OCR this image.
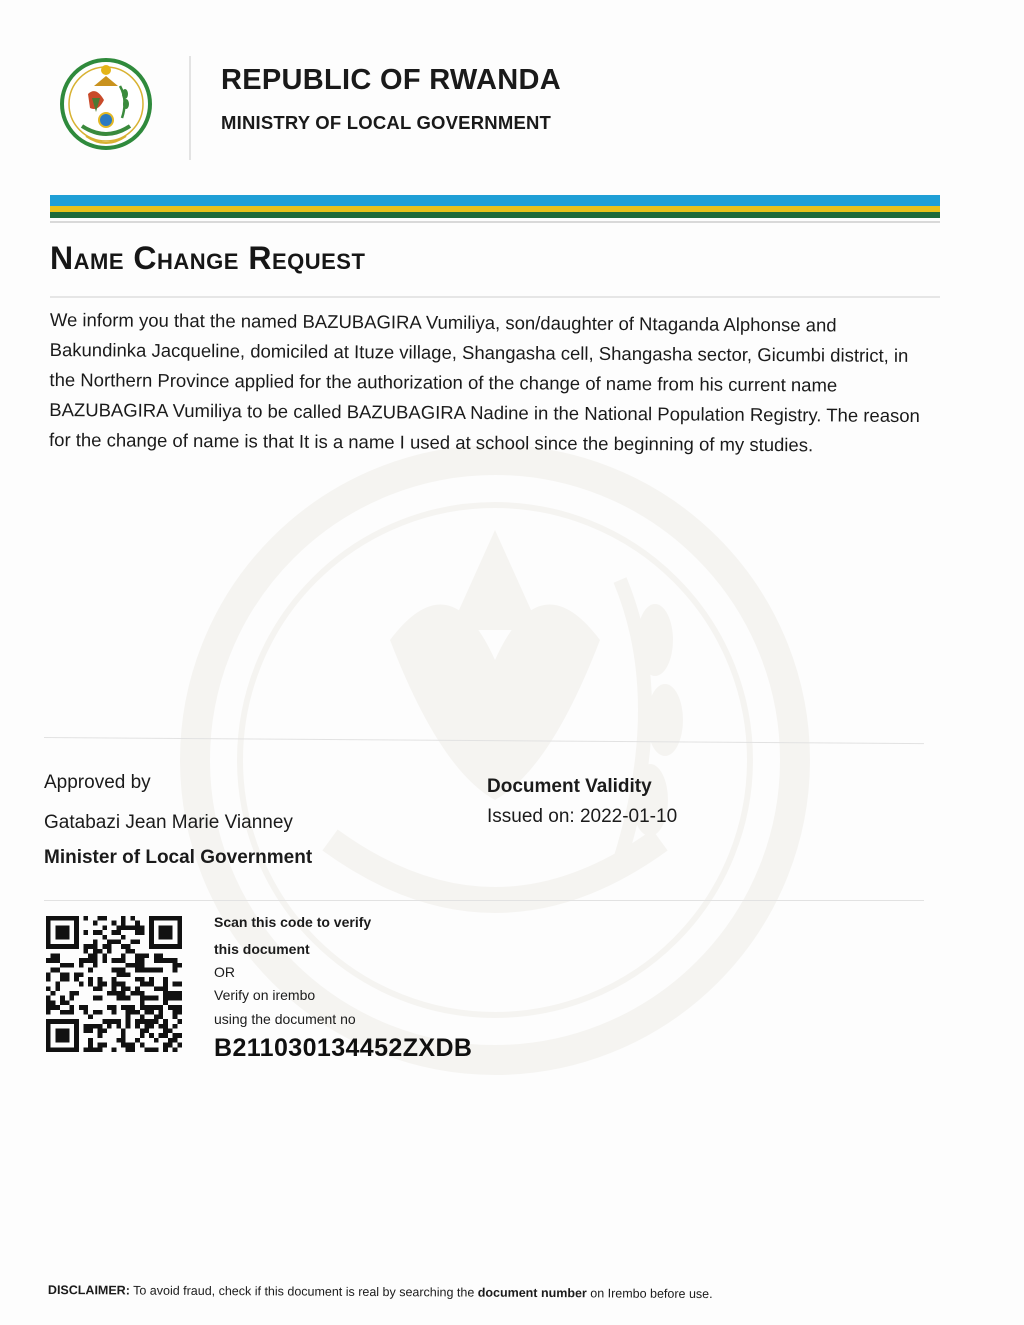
REPUBLIC OF RWANDA
MINISTRY OF LOCAL GOVERNMENT
Name Change Request
We inform you that the named BAZUBAGIRA Vumiliya, son/daughter of Ntaganda Alphonse and Bakundinka Jacqueline, domiciled at Ituze village, Shangasha cell, Shangasha sector, Gicumbi district, in the Northern Province applied for the authorization of the change of name from his current name BAZUBAGIRA Vumiliya to be called BAZUBAGIRA Nadine in the National Population Registry. The reason for the change of name is that It is a name I used at school since the beginning of my studies.
Approved by
Gatabazi Jean Marie Vianney
Minister of Local Government
Document Validity
Issued on: 2022-01-10
Scan this code to verify
this document
OR
Verify on irembo
using the document no
B211030134452ZXDB
DISCLAIMER: To avoid fraud, check if this document is real by searching the document number on Irembo before use.
